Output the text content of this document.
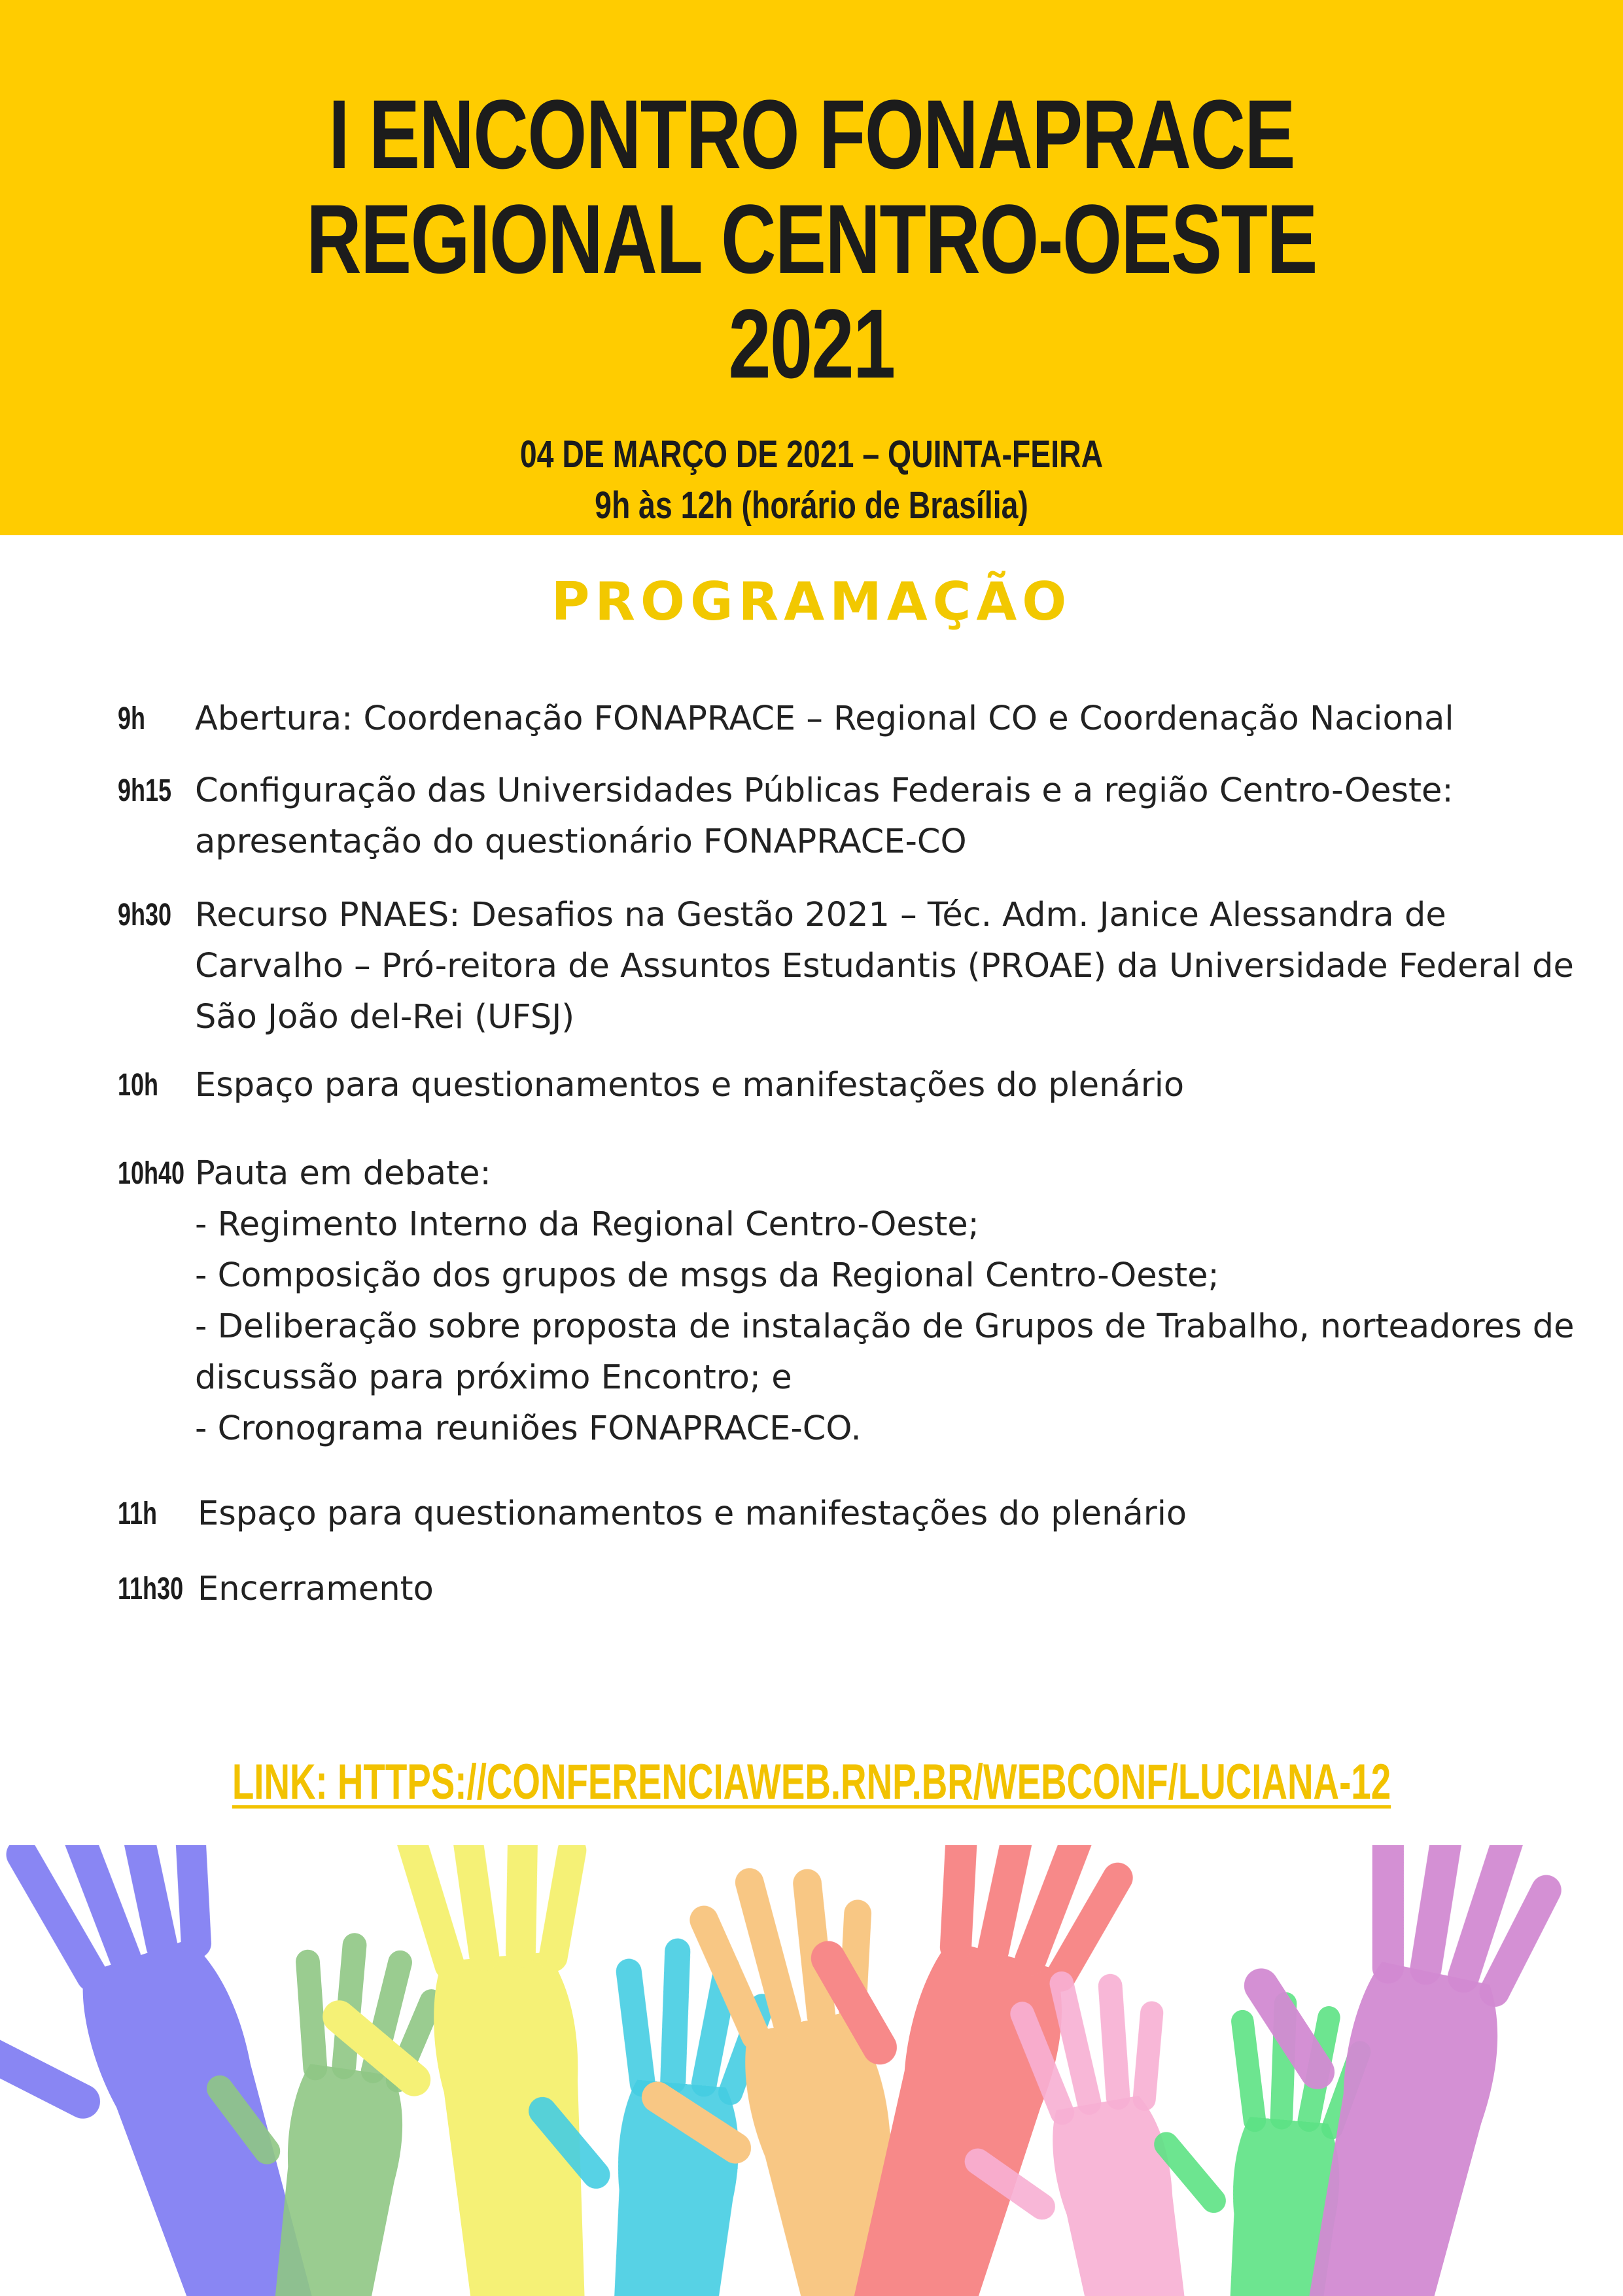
I ENCONTRO FONAPRACE
REGIONAL CENTRO-OESTE
2021
04 DE MARÇO DE 2021 – QUINTA-FEIRA
9h às 12h (horário de Brasília)
PROGRAMAÇÃO
9h Abertura: Coordenação FONAPRACE – Regional CO e Coordenação Nacional
9h15 Configuração das Universidades Públicas Federais e a região Centro-Oeste:
apresentação do questionário FONAPRACE-CO
9h30 Recurso PNAES: Desafios na Gestão 2021 – Téc. Adm. Janice Alessandra de
Carvalho – Pró-reitora de Assuntos Estudantis (PROAE) da Universidade Federal de
São João del-Rei (UFSJ)
10h Espaço para questionamentos e manifestações do plenário
10h40 Pauta em debate:
- Regimento Interno da Regional Centro-Oeste;
- Composição dos grupos de msgs da Regional Centro-Oeste;
- Deliberação sobre proposta de instalação de Grupos de Trabalho, norteadores de
discussão para próximo Encontro; e
- Cronograma reuniões FONAPRACE-CO.
11h Espaço para questionamentos e manifestações do plenário
11h30 Encerramento
LINK: HTTPS://CONFERENCIAWEB.RNP.BR/WEBCONF/LUCIANA-12
